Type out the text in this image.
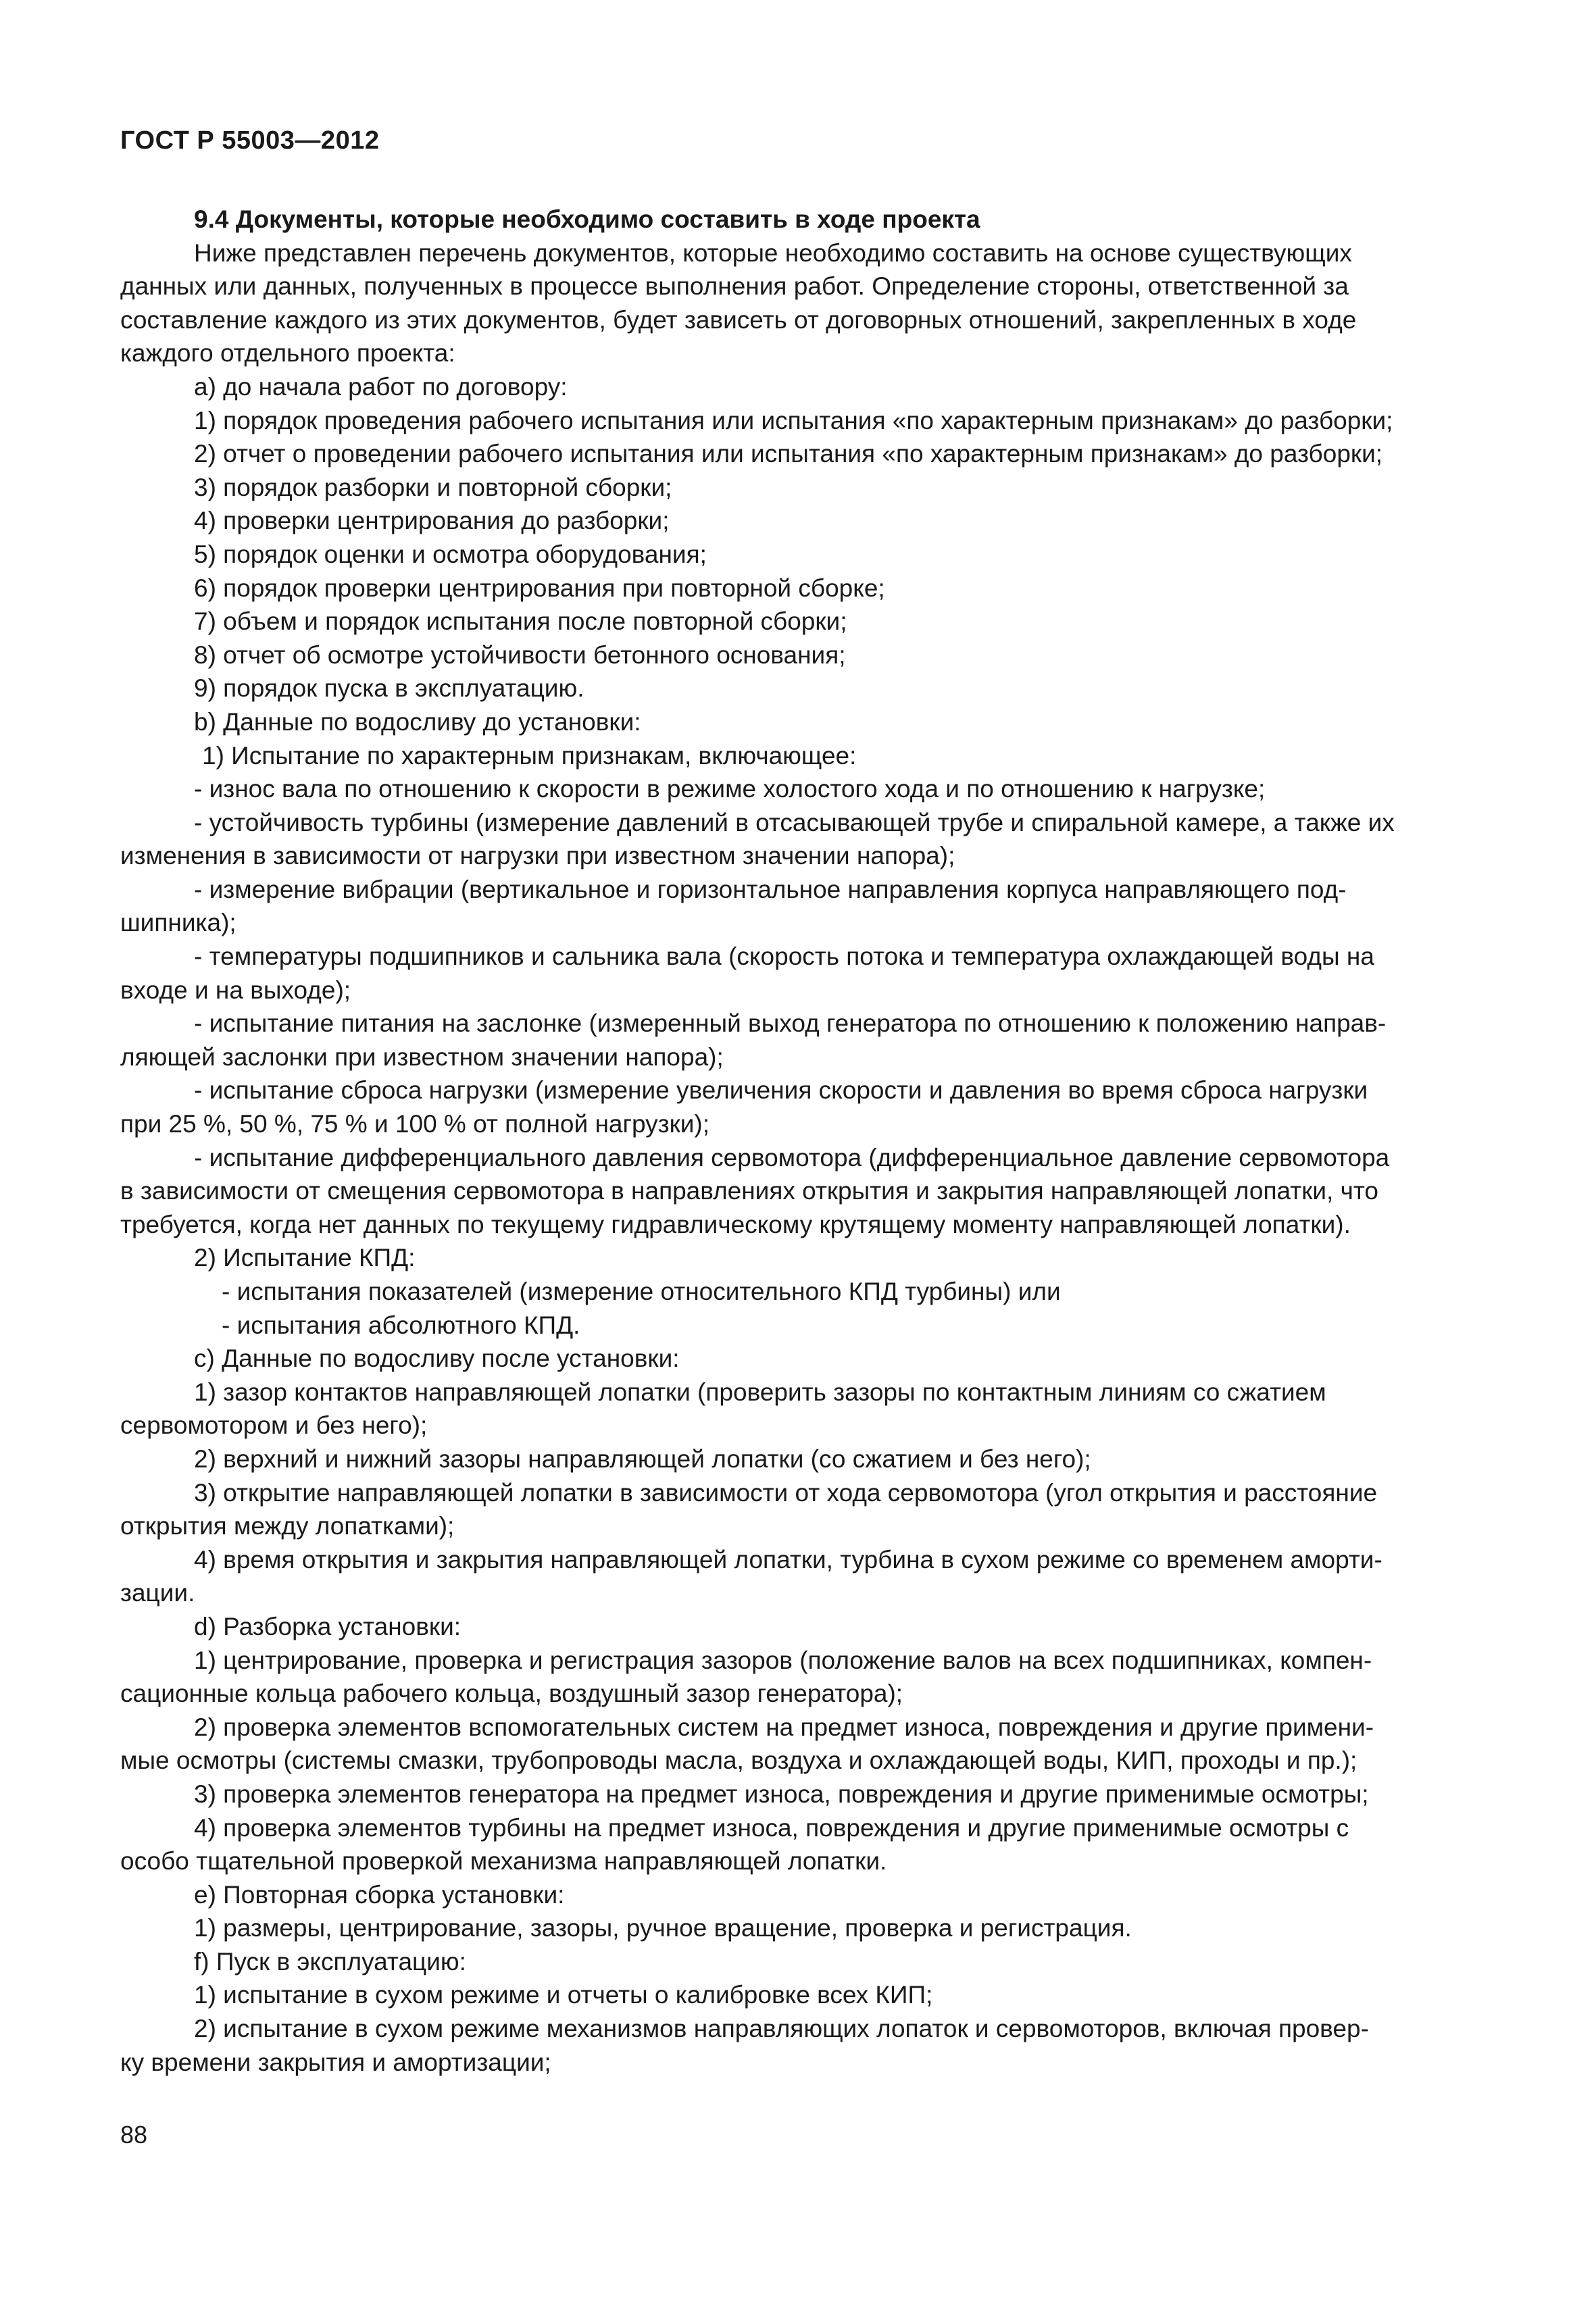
ГОСТ Р 55003—2012

9.4 Документы, которые необходимо составить в ходе проекта

Ниже представлен перечень документов, которые необходимо составить на основе существующих

данных или данных, полученных в процессе выполнения работ. Определение стороны, ответственной за

составление каждого из этих документов, будет зависеть от договорных отношений, закрепленных в ходе

каждого отдельного проекта:

a) до начала работ по договору:

1) порядок проведения рабочего испытания или испытания «по характерным признакам» до разборки;

2) отчет о проведении рабочего испытания или испытания «по характерным признакам» до разборки;

3) порядок разборки и повторной сборки;

4) проверки центрирования до разборки;

5) порядок оценки и осмотра оборудования;

6) порядок проверки центрирования при повторной сборке;

7) объем и порядок испытания после повторной сборки;

8) отчет об осмотре устойчивости бетонного основания;

9) порядок пуска в эксплуатацию.

b) Данные по водосливу до установки:

1) Испытание по характерным признакам, включающее:

- износ вала по отношению к скорости в режиме холостого хода и по отношению к нагрузке;

- устойчивость турбины (измерение давлений в отсасывающей трубе и спиральной камере, а также их

изменения в зависимости от нагрузки при известном значении напора);

- измерение вибрации (вертикальное и горизонтальное направления корпуса направляющего под-

шипника);

- температуры подшипников и сальника вала (скорость потока и температура охлаждающей воды на

входе и на выходе);

- испытание питания на заслонке (измеренный выход генератора по отношению к положению направ-

ляющей заслонки при известном значении напора);

- испытание сброса нагрузки (измерение увеличения скорости и давления во время сброса нагрузки

при 25 %, 50 %, 75 % и 100 % от полной нагрузки);

- испытание дифференциального давления сервомотора (дифференциальное давление сервомотора

в зависимости от смещения сервомотора в направлениях открытия и закрытия направляющей лопатки, что

требуется, когда нет данных по текущему гидравлическому крутящему моменту направляющей лопатки).

2) Испытание КПД:

- испытания показателей (измерение относительного КПД турбины) или

- испытания абсолютного КПД.

c) Данные по водосливу после установки:

1) зазор контактов направляющей лопатки (проверить зазоры по контактным линиям со сжатием

сервомотором и без него);

2) верхний и нижний зазоры направляющей лопатки (со сжатием и без него);

3) открытие направляющей лопатки в зависимости от хода сервомотора (угол открытия и расстояние

открытия между лопатками);

4) время открытия и закрытия направляющей лопатки, турбина в сухом режиме со временем аморти-

зации.

d) Разборка установки:

1) центрирование, проверка и регистрация зазоров (положение валов на всех подшипниках, компен-

сационные кольца рабочего кольца, воздушный зазор генератора);

2) проверка элементов вспомогательных систем на предмет износа, повреждения и другие примени-

мые осмотры (системы смазки, трубопроводы масла, воздуха и охлаждающей воды, КИП, проходы и пр.);

3) проверка элементов генератора на предмет износа, повреждения и другие применимые осмотры;

4) проверка элементов турбины на предмет износа, повреждения и другие применимые осмотры с

особо тщательной проверкой механизма направляющей лопатки.

e) Повторная сборка установки:

1) размеры, центрирование, зазоры, ручное вращение, проверка и регистрация.

f) Пуск в эксплуатацию:

1) испытание в сухом режиме и отчеты о калибровке всех КИП;

2) испытание в сухом режиме механизмов направляющих лопаток и сервомоторов, включая провер-

ку времени закрытия и амортизации;

88
